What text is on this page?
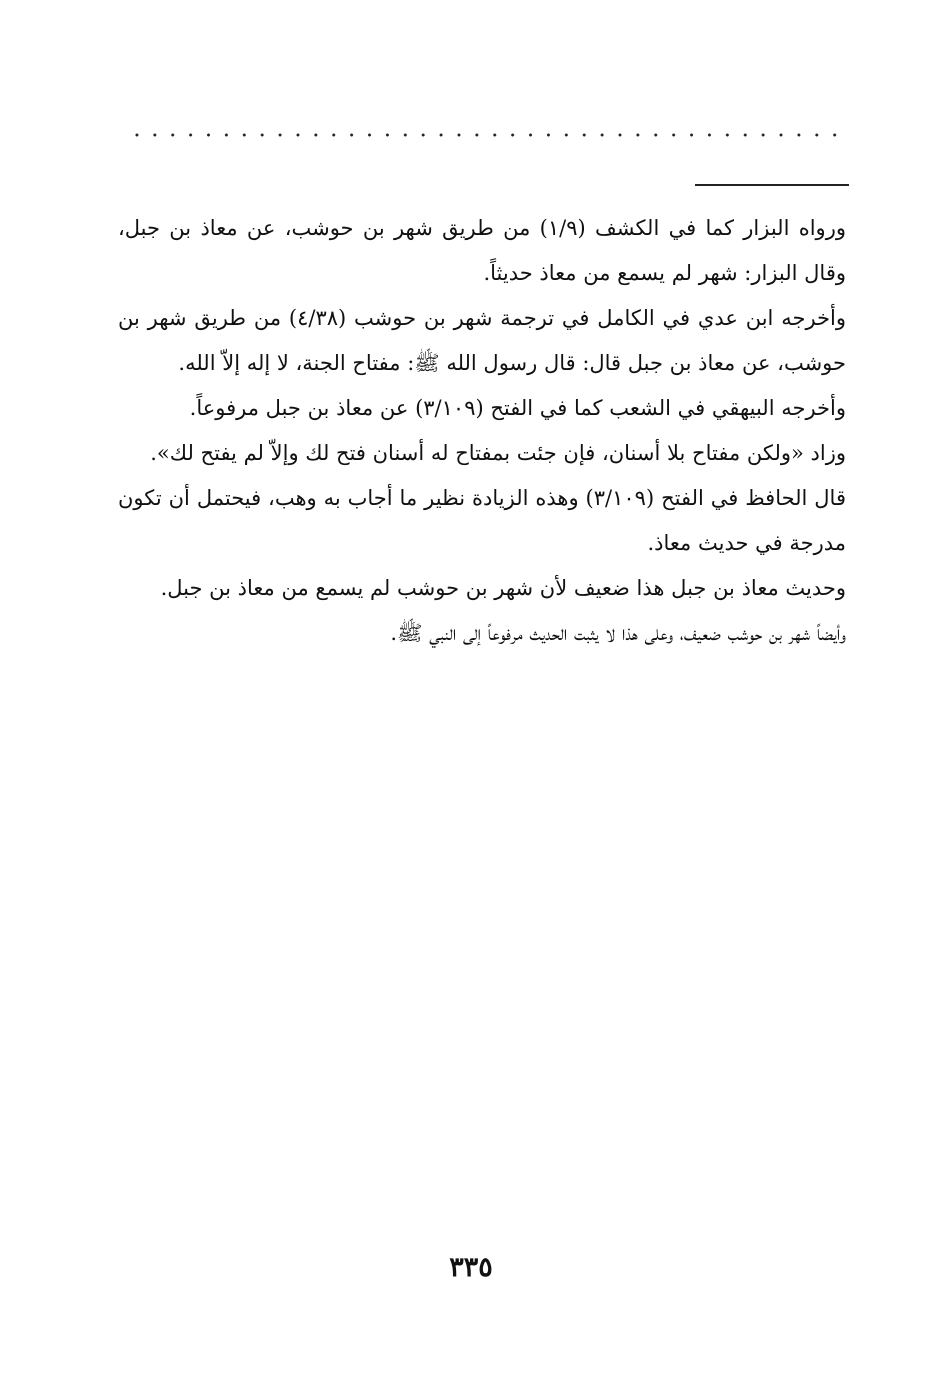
ورواه البزار كما في الكشف (١/٩) من طريق شهر بن حوشب، عن معاذ بن جبل، وقال البزار: شهر لم يسمع من معاذ حديثاً.

وأخرجه ابن عدي في الكامل في ترجمة شهر بن حوشب (٤/٣٨) من طريق شهر بن حوشب، عن معاذ بن جبل قال: قال رسول الله ﷺ: مفتاح الجنة، لا إله إلاّ الله.

وأخرجه البيهقي في الشعب كما في الفتح (٣/١٠٩) عن معاذ بن جبل مرفوعاً.

وزاد «ولكن مفتاح بلا أسنان، فإن جئت بمفتاح له أسنان فتح لك وإلاّ لم يفتح لك».

قال الحافظ في الفتح (٣/١٠٩) وهذه الزيادة نظير ما أجاب به وهب، فيحتمل أن تكون مدرجة في حديث معاذ.

وحديث معاذ بن جبل هذا ضعيف لأن شهر بن حوشب لم يسمع من معاذ بن جبل.

وأيضاً شهر بن حوشب ضعيف، وعلى هذا لا يثبت الحديث مرفوعاً إلى النبي ﷺ.

٣٣٥
